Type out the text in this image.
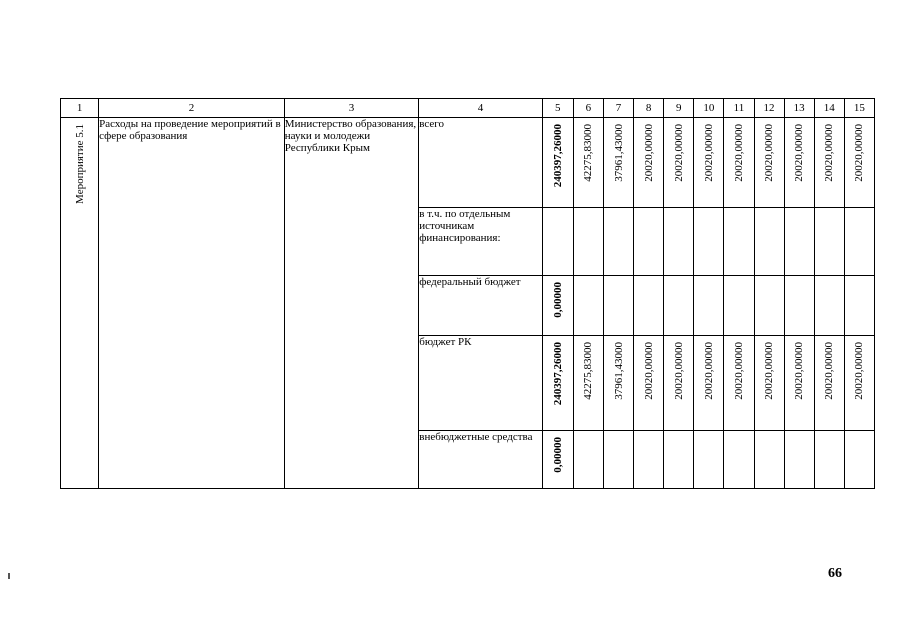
1	2	3	4	5	6	7	8	9	10	11	12	13	14	15

Мероприятие 5.1	Расходы на проведение мероприятий в сфере образования	Министерство образования, науки и молодежи Республики Крым	всего	240397,26000	42275,83000	37961,43000	20020,00000	20020,00000	20020,00000	20020,00000	20020,00000	20020,00000	20020,00000	20020,00000

			в т.ч. по отдельным источникам финансирования:	

			федеральный бюджет	0,00000										

			бюджет РК	240397,26000	42275,83000	37961,43000	20020,00000	20020,00000	20020,00000	20020,00000	20020,00000	20020,00000	20020,00000	20020,00000

			внебюджетные средства	0,00000										

66
